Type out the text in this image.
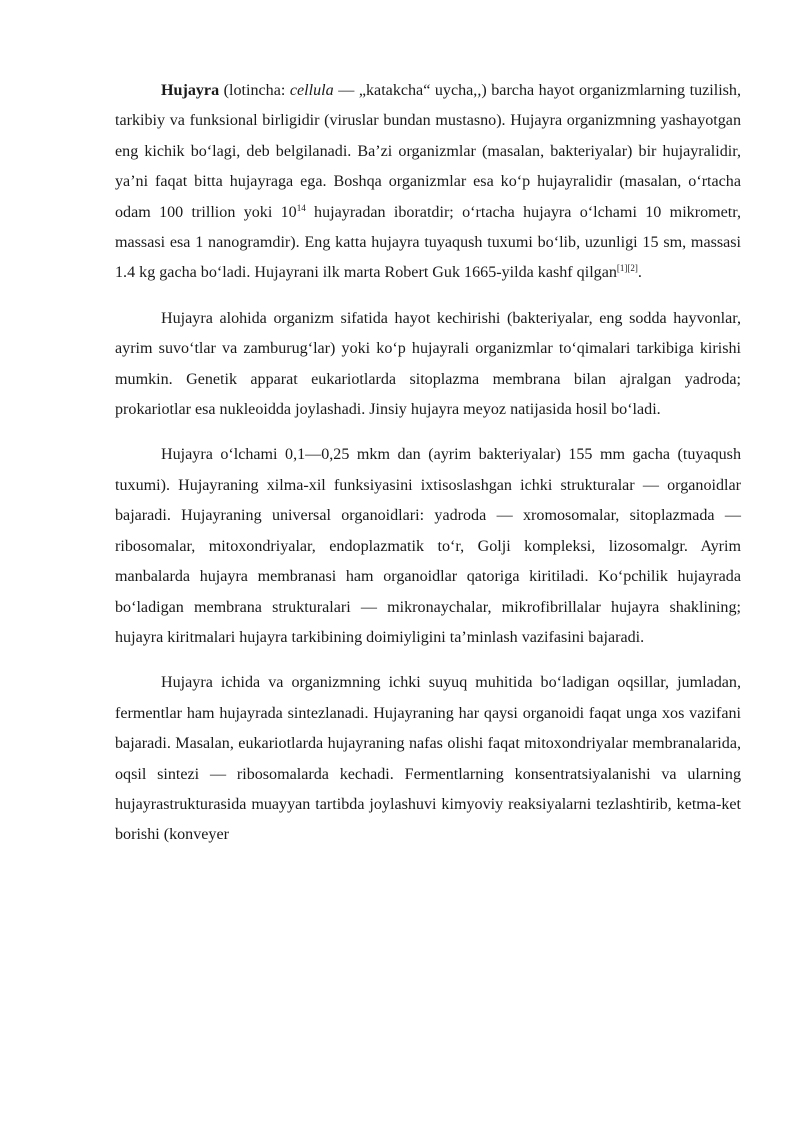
Hujayra (lotincha: cellula — „katakcha“ uycha,,) barcha hayot organizmlarning tuzilish, tarkibiy va funksional birligidir (viruslar bundan mustasno). Hujayra organizmning yashayotgan eng kichik bo‘lagi, deb belgilanadi. Ba’zi organizmlar (masalan, bakteriyalar) bir hujayralidir, ya’ni faqat bitta hujayraga ega. Boshqa organizmlar esa ko‘p hujayralidir (masalan, o‘rtacha odam 100 trillion yoki $10^{14}$ hujayradan iboratdir; o‘rtacha hujayra o‘lchami 10 mikrometr, massasi esa 1 nanogramdir). Eng katta hujayra tuyaqush tuxumi bo‘lib, uzunligi 15 sm, massasi 1.4 kg gacha bo‘ladi. Hujayrani ilk marta Robert Guk 1665-yilda kashf qilgan[1][2].

Hujayra alohida organizm sifatida hayot kechirishi (bakteriyalar, eng sodda hayvonlar, ayrim suvo‘tlar va zamburug‘lar) yoki ko‘p hujayrali organizmlar to‘qimalari tarkibiga kirishi mumkin. Genetik apparat eukariotlarda sitoplazma membrana bilan ajralgan yadroda; prokariotlar esa nukleoidda joylashadi. Jinsiy hujayra meyoz natijasida hosil bo‘ladi.

Hujayra o‘lchami 0,1—0,25 mkm dan (ayrim bakteriyalar) 155 mm gacha (tuyaqush tuxumi). Hujayraning xilma-xil funksiyasini ixtisoslashgan ichki strukturalar — organoidlar bajaradi. Hujayraning universal organoidlari: yadroda — xromosomalar, sitoplazmada — ribosomalar, mitoxondriyalar, endoplazmatik to‘r, Golji kompleksi, lizosomalgr. Ayrim manbalarda hujayra membranasi ham organoidlar qatoriga kiritiladi. Ko‘pchilik hujayrada bo‘ladigan membrana strukturalari — mikronaychalar, mikrofibrillalar hujayra shaklining; hujayra kiritmalari hujayra tarkibining doimiyligini ta’minlash vazifasini bajaradi.

Hujayra ichida va organizmning ichki suyuq muhitida bo‘ladigan oqsillar, jumladan, fermentlar ham hujayrada sintezlanadi. Hujayraning har qaysi organoidi faqat unga xos vazifani bajaradi. Masalan, eukariotlarda hujayraning nafas olishi faqat mitoxondriyalar membranalarida, oqsil sintezi — ribosomalarda kechadi. Fermentlarning konsentratsiyalanishi va ularning hujayrastrukturasida muayyan tartibda joylashuvi kimyoviy reaksiyalarni tezlashtirib, ketma-ket borishi (konveyer
